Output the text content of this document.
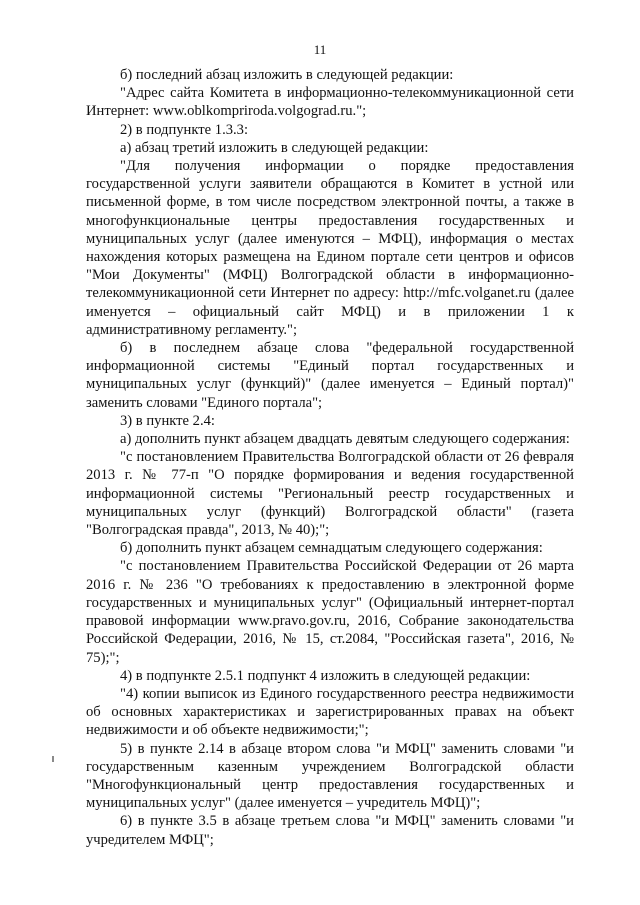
11

б) последний абзац изложить в следующей редакции:

"Адрес сайта Комитета в информационно-телекоммуникационной сети Интернет: www.oblkompriroda.volgograd.ru.";

2) в подпункте 1.3.3:

а) абзац третий изложить в следующей редакции:

"Для получения информации о порядке предоставления государственной услуги заявители обращаются в Комитет в устной или письменной форме, в том числе посредством электронной почты, а также в многофункциональные центры предоставления государственных и муниципальных услуг (далее именуются – МФЦ), информация о местах нахождения которых размещена на Едином портале сети центров и офисов "Мои Документы" (МФЦ) Волгоградской области в информационно-телекоммуникационной сети Интернет по адресу: http://mfc.volganet.ru (далее именуется – официальный сайт МФЦ) и в приложении 1 к административному регламенту.";

б) в последнем абзаце слова "федеральной государственной информационной системы "Единый портал государственных и муниципальных услуг (функций)" (далее именуется – Единый портал)" заменить словами "Единого портала";

3) в пункте 2.4:

а) дополнить пункт абзацем двадцать девятым следующего содержания:

"с постановлением Правительства Волгоградской области от 26 февраля 2013 г. № 77-п "О порядке формирования и ведения государственной информационной системы "Региональный реестр государственных и муниципальных услуг (функций) Волгоградской области" (газета "Волгоградская правда", 2013, № 40);";

б) дополнить пункт абзацем семнадцатым следующего содержания:

"с постановлением Правительства Российской Федерации от 26 марта 2016 г. № 236 "О требованиях к предоставлению в электронной форме государственных и муниципальных услуг" (Официальный интернет-портал правовой информации www.pravo.gov.ru, 2016, Собрание законодательства Российской Федерации, 2016, № 15, ст.2084, "Российская газета", 2016, № 75);";

4) в подпункте 2.5.1 подпункт 4 изложить в следующей редакции:

"4) копии выписок из Единого государственного реестра недвижимости об основных характеристиках и зарегистрированных правах на объект недвижимости и об объекте недвижимости;";

5) в пункте 2.14 в абзаце втором слова "и МФЦ" заменить словами "и государственным казенным учреждением Волгоградской области "Многофункциональный центр предоставления государственных и муниципальных услуг" (далее именуется – учредитель МФЦ)";

6) в пункте 3.5 в абзаце третьем слова "и МФЦ" заменить словами "и учредителем МФЦ";
